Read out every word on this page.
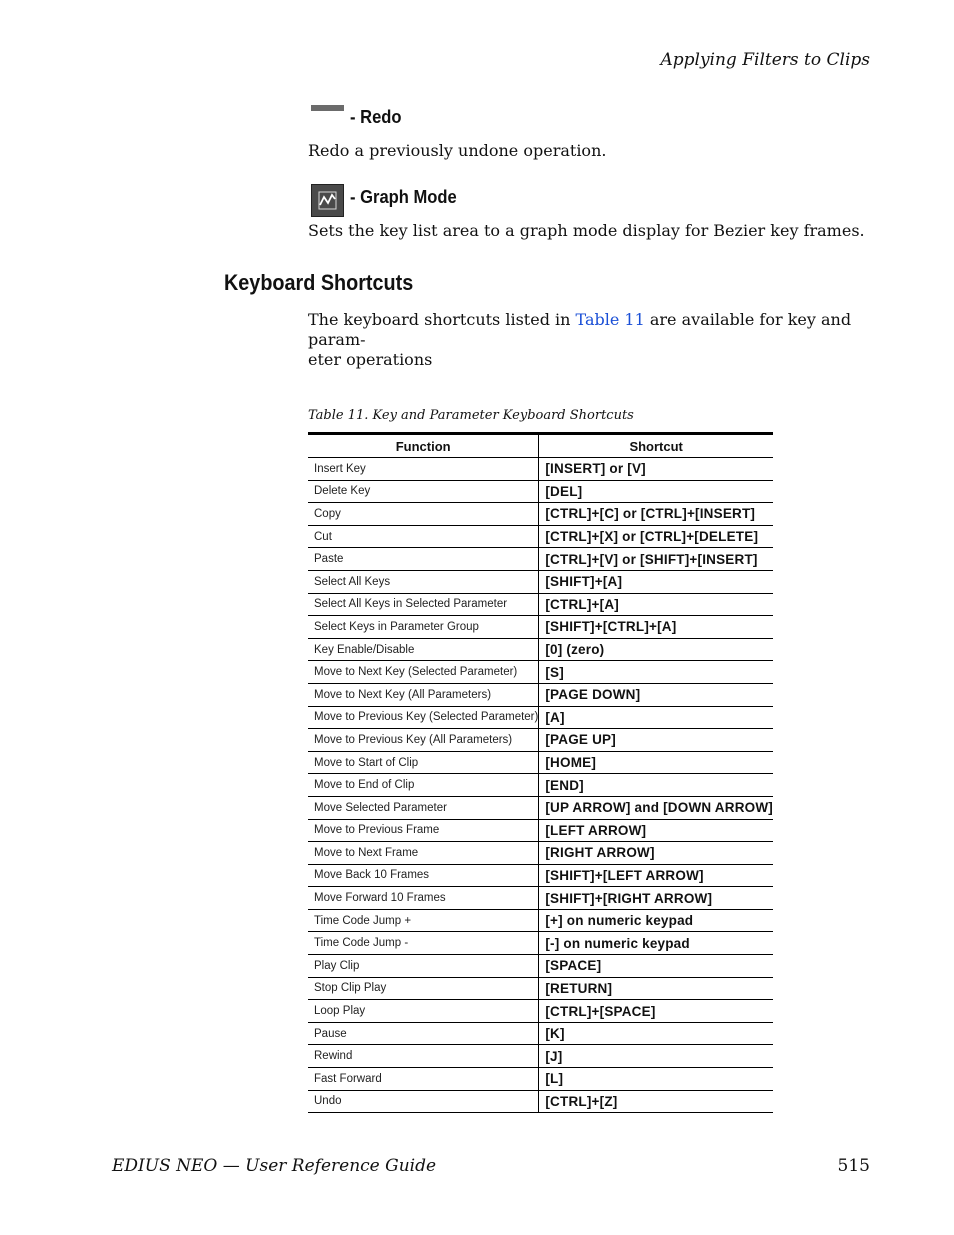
Applying Filters to Clips
- Redo
Redo a previously undone operation.
- Graph Mode
Sets the key list area to a graph mode display for Bezier key frames.
Keyboard Shortcuts
The keyboard shortcuts listed in Table 11 are available for key and param-
eter operations
Table 11. Key and Parameter Keyboard Shortcuts
Function	Shortcut
Insert Key	[INSERT] or [V]
Delete Key	[DEL]
Copy	[CTRL]+[C] or [CTRL]+[INSERT]
Cut	[CTRL]+[X] or [CTRL]+[DELETE]
Paste	[CTRL]+[V] or [SHIFT]+[INSERT]
Select All Keys	[SHIFT]+[A]
Select All Keys in Selected Parameter	[CTRL]+[A]
Select Keys in Parameter Group	[SHIFT]+[CTRL]+[A]
Key Enable/Disable	[0] (zero)
Move to Next Key (Selected Parameter)	[S]
Move to Next Key (All Parameters)	[PAGE DOWN]
Move to Previous Key (Selected Parameter)	[A]
Move to Previous Key (All Parameters)	[PAGE UP]
Move to Start of Clip	[HOME]
Move to End of Clip	[END]
Move Selected Parameter	[UP ARROW] and [DOWN ARROW]
Move to Previous Frame	[LEFT ARROW]
Move to Next Frame	[RIGHT ARROW]
Move Back 10 Frames	[SHIFT]+[LEFT ARROW]
Move Forward 10 Frames	[SHIFT]+[RIGHT ARROW]
Time Code Jump +	[+] on numeric keypad
Time Code Jump -	[-] on numeric keypad
Play Clip	[SPACE]
Stop Clip Play	[RETURN]
Loop Play	[CTRL]+[SPACE]
Pause	[K]
Rewind	[J]
Fast Forward	[L]
Undo	[CTRL]+[Z]
EDIUS NEO — User Reference Guide	515
